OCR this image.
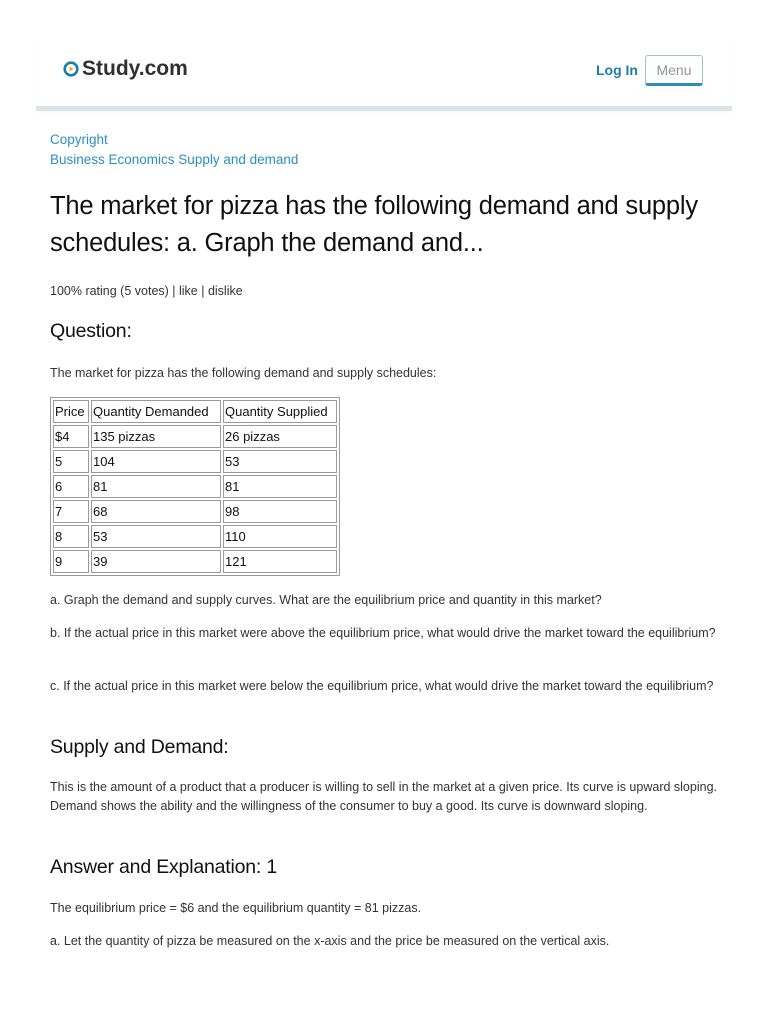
Study.com	Log In	Menu
Copyright
Business Economics Supply and demand
The market for pizza has the following demand and supply schedules: a. Graph the demand and...
100% rating (5 votes) | like | dislike
Question:

The market for pizza has the following demand and supply schedules:

Price	Quantity Demanded	Quantity Supplied
$4	135 pizzas	26 pizzas
5	104	53
6	81	81
7	68	98
8	53	110
9	39	121

a. Graph the demand and supply curves. What are the equilibrium price and quantity in this market?

b. If the actual price in this market were above the equilibrium price, what would drive the market toward the equilibrium?

c. If the actual price in this market were below the equilibrium price, what would drive the market toward the equilibrium?

Supply and Demand:

This is the amount of a product that a producer is willing to sell in the market at a given price. Its curve is upward sloping. Demand shows the ability and the willingness of the consumer to buy a good. Its curve is downward sloping.

Answer and Explanation: 1

The equilibrium price = $6 and the equilibrium quantity = 81 pizzas.

a. Let the quantity of pizza be measured on the x-axis and the price be measured on the vertical axis.
